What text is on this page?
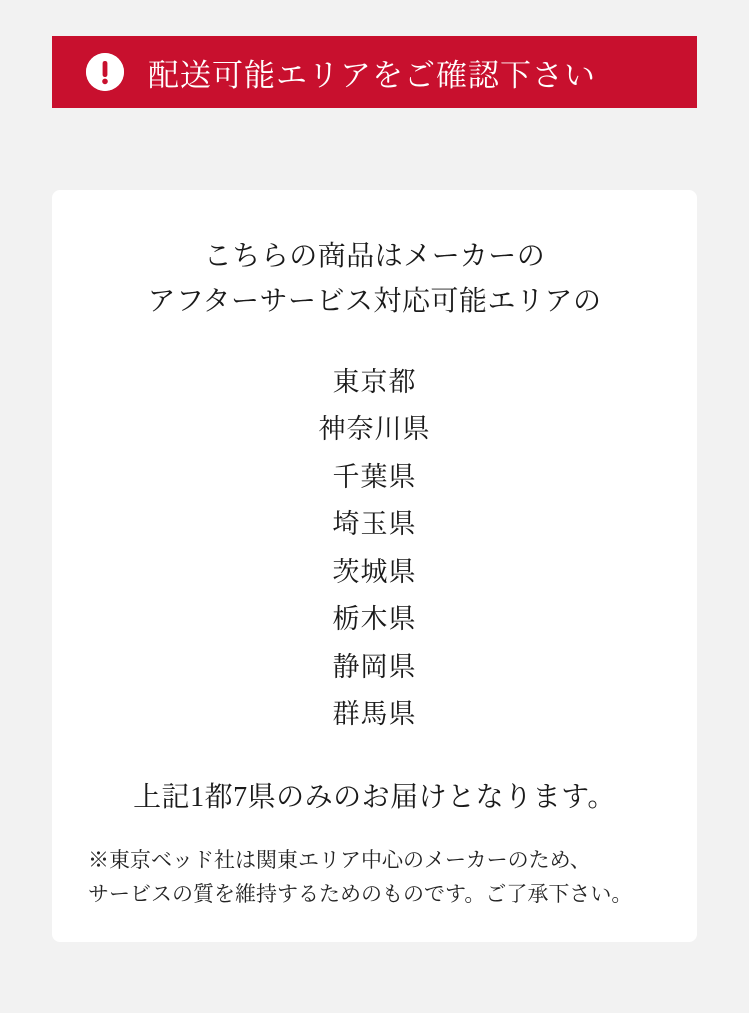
配送可能エリアをご確認下さい
こちらの商品はメーカーの
アフターサービス対応可能エリアの
東京都
神奈川県
千葉県
埼玉県
茨城県
栃木県
静岡県
群馬県
上記1都7県のみのお届けとなります。
※東京ベッド社は関東エリア中心のメーカーのため、
サービスの質を維持するためのものです。ご了承下さい。
